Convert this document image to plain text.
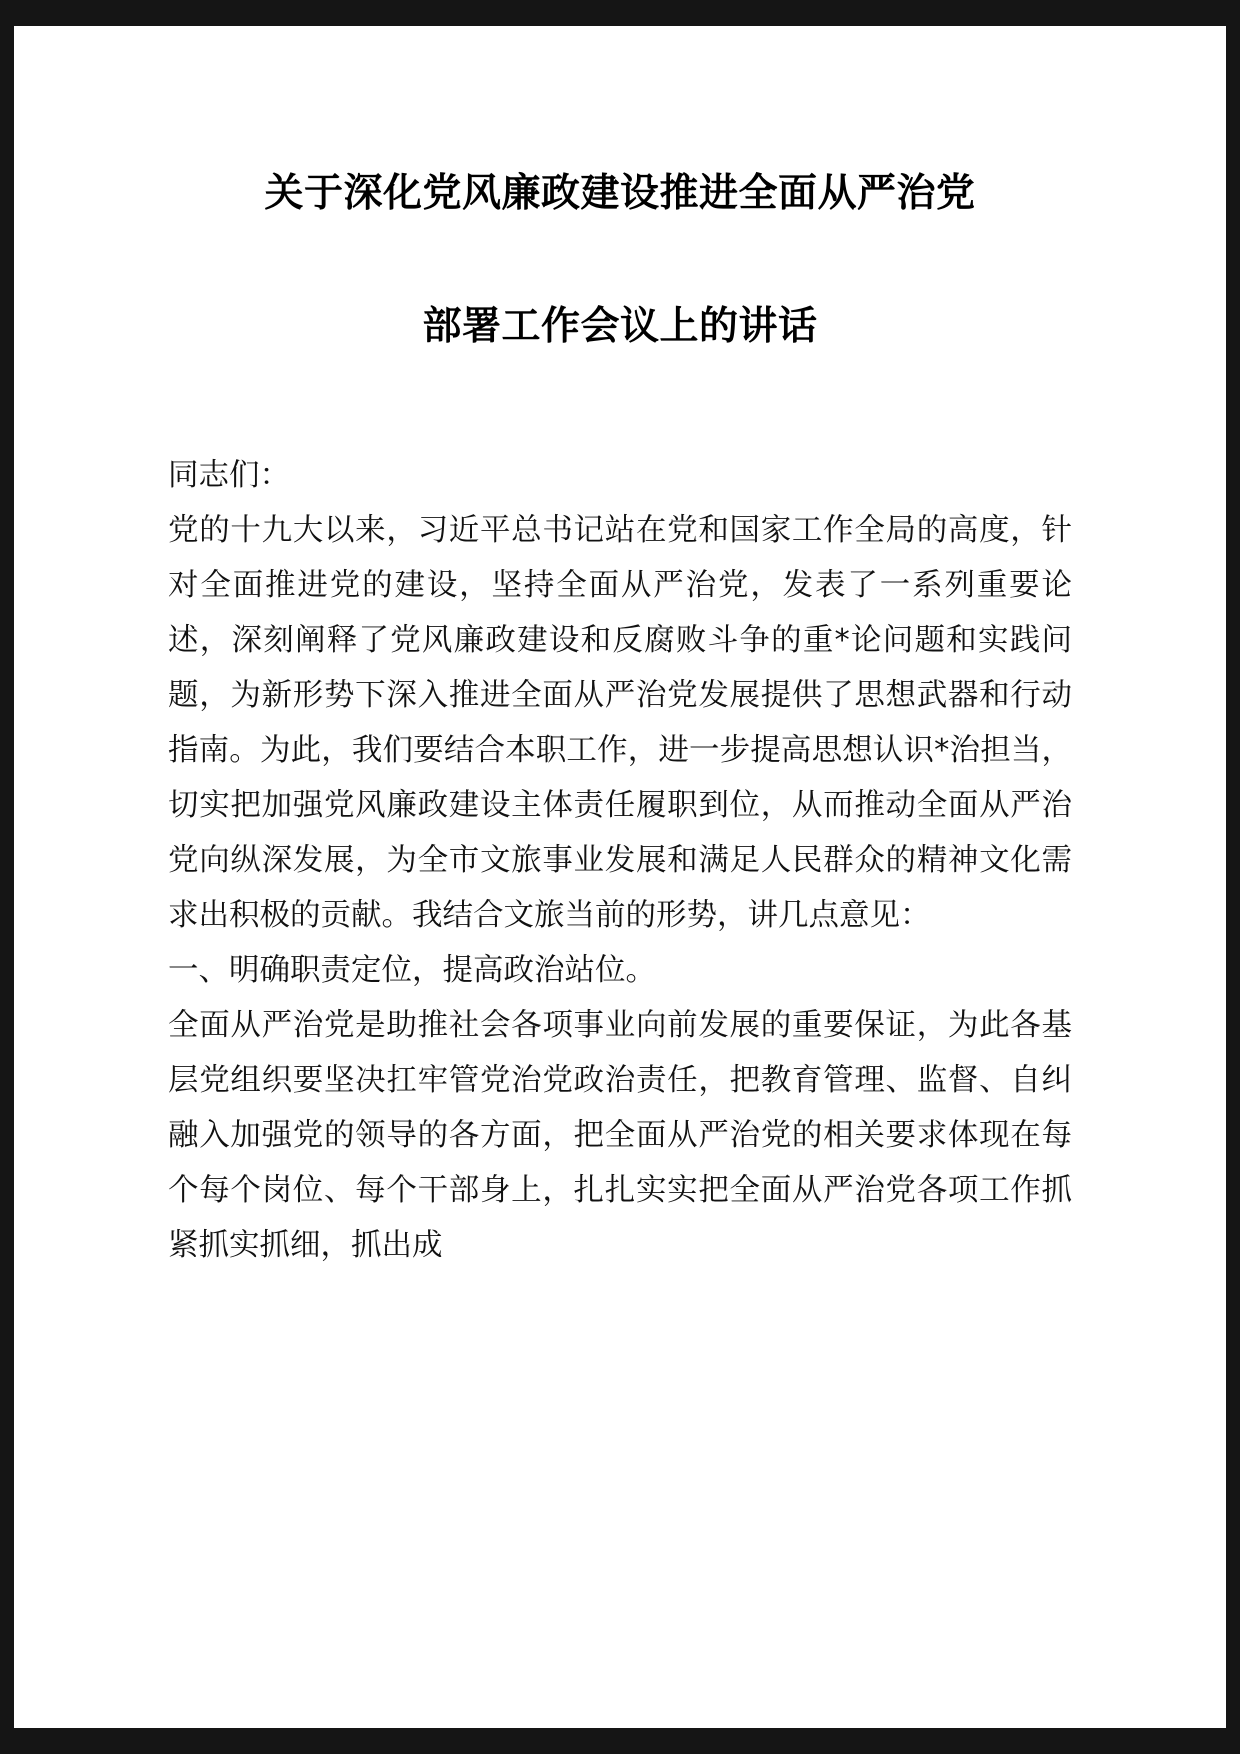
关于深化党风廉政建设推进全面从严治党
部署工作会议上的讲话

同志们：

党的十九大以来，习近平总书记站在党和国家工作全局的高度，针对全面推进党的建设，坚持全面从严治党，发表了一系列重要论述，深刻阐释了党风廉政建设和反腐败斗争的重*论问题和实践问题，为新形势下深入推进全面从严治党发展提供了思想武器和行动指南。为此，我们要结合本职工作，进一步提高思想认识*治担当，切实把加强党风廉政建设主体责任履职到位，从而推动全面从严治党向纵深发展，为全市文旅事业发展和满足人民群众的精神文化需求出积极的贡献。我结合文旅当前的形势，讲几点意见：

一、明确职责定位，提高政治站位。

全面从严治党是助推社会各项事业向前发展的重要保证，为此各基层党组织要坚决扛牢管党治党政治责任，把教育管理、监督、自纠融入加强党的领导的各方面，把全面从严治党的相关要求体现在每个每个岗位、每个干部身上，扎扎实实把全面从严治党各项工作抓紧抓实抓细，抓出成
